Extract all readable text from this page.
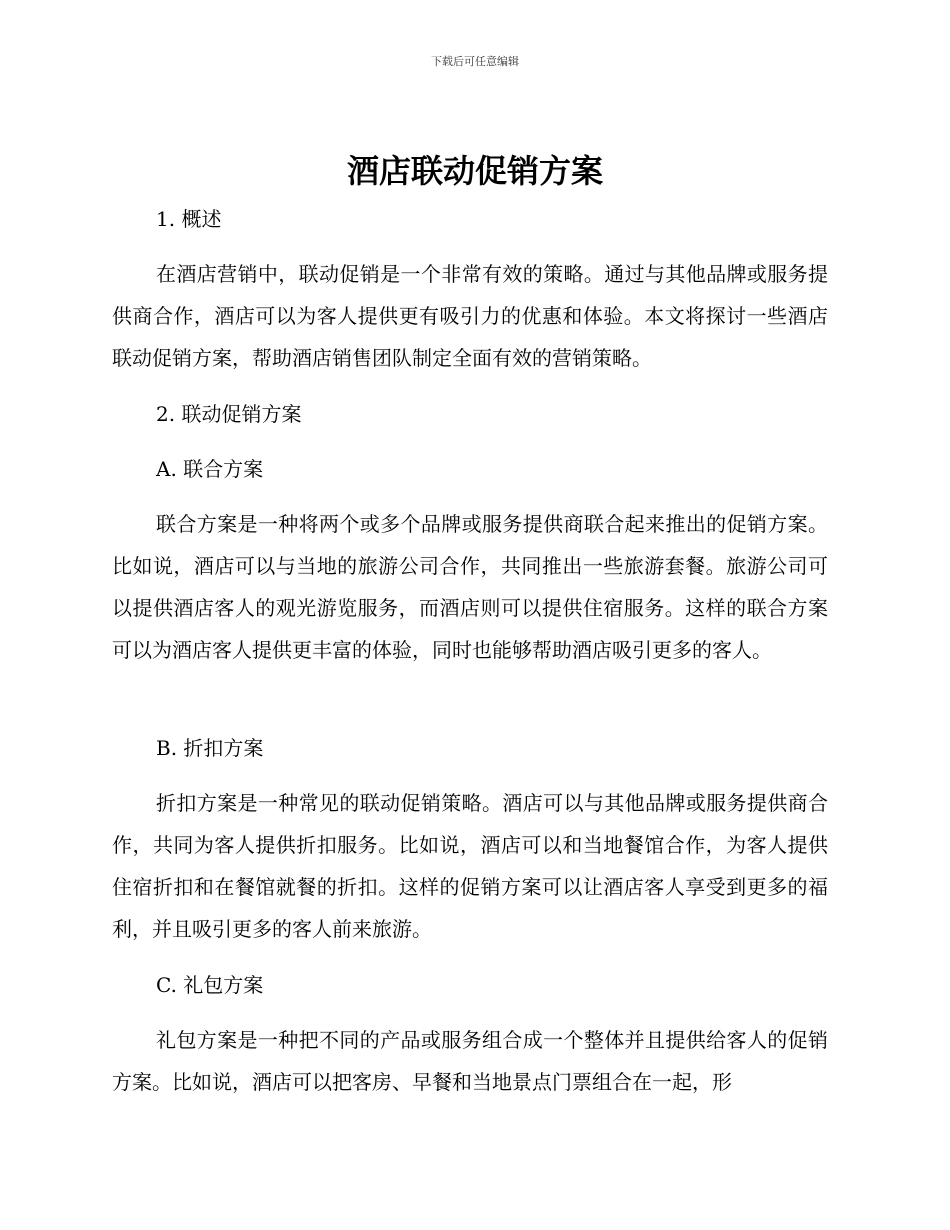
下载后可任意编辑
酒店联动促销方案
1. 概述

在酒店营销中，联动促销是一个非常有效的策略。通过与其他品牌或服务提供商合作，酒店可以为客人提供更有吸引力的优惠和体验。本文将探讨一些酒店联动促销方案，帮助酒店销售团队制定全面有效的营销策略。

2. 联动促销方案
A. 联合方案

联合方案是一种将两个或多个品牌或服务提供商联合起来推出的促销方案。比如说，酒店可以与当地的旅游公司合作，共同推出一些旅游套餐。旅游公司可以提供酒店客人的观光游览服务，而酒店则可以提供住宿服务。这样的联合方案可以为酒店客人提供更丰富的体验，同时也能够帮助酒店吸引更多的客人。

B. 折扣方案

折扣方案是一种常见的联动促销策略。酒店可以与其他品牌或服务提供商合作，共同为客人提供折扣服务。比如说，酒店可以和当地餐馆合作，为客人提供住宿折扣和在餐馆就餐的折扣。这样的促销方案可以让酒店客人享受到更多的福利，并且吸引更多的客人前来旅游。

C. 礼包方案

礼包方案是一种把不同的产品或服务组合成一个整体并且提供给客人的促销方案。比如说，酒店可以把客房、早餐和当地景点门票组合在一起，形
